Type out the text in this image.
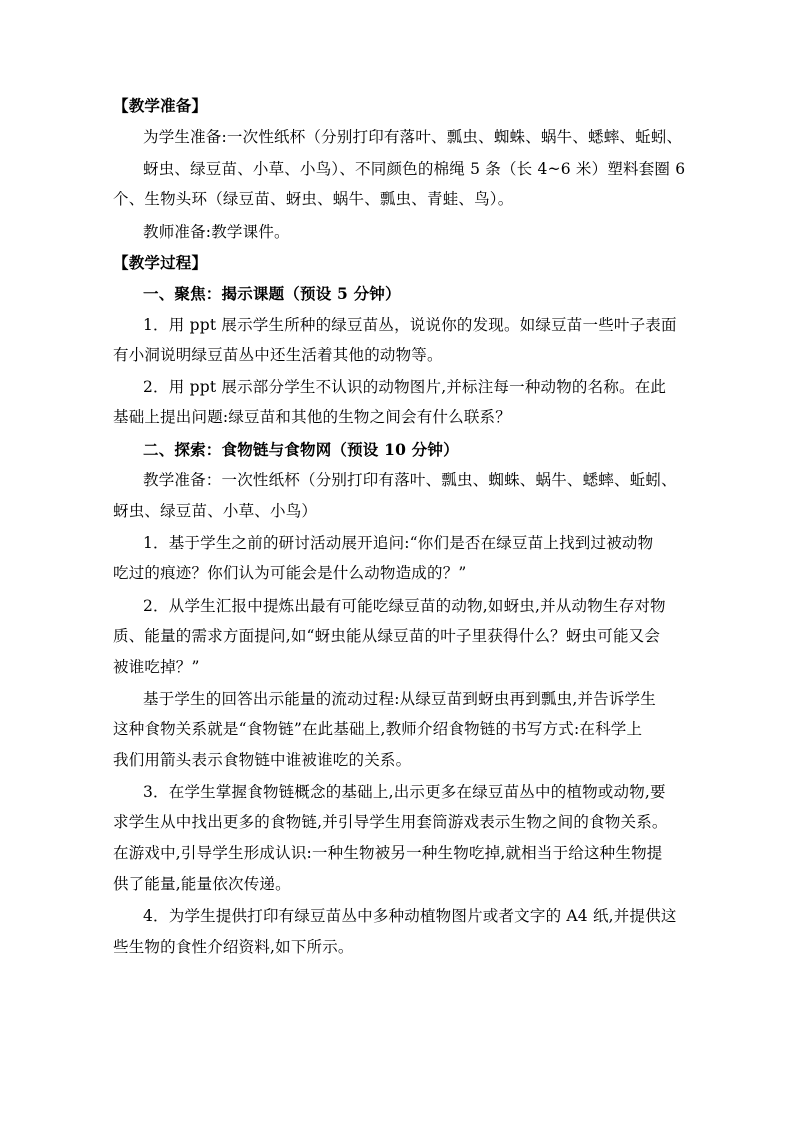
【教学准备】
为学生准备:一次性纸杯（分别打印有落叶、瓢虫、蜘蛛、蜗牛、蟋蟀、蚯蚓、
蚜虫、绿豆苗、小草、小鸟）、不同颜色的棉绳 5 条（长 4~6 米）塑料套圈 6
个、生物头环（绿豆苗、蚜虫、蜗牛、瓢虫、青蛙、鸟）。
教师准备:教学课件。
【教学过程】
一、聚焦：揭示课题（预设 5 分钟）
1．用 ppt 展示学生所种的绿豆苗丛，说说你的发现。如绿豆苗一些叶子表面
有小洞说明绿豆苗丛中还生活着其他的动物等。
2．用 ppt 展示部分学生不认识的动物图片,并标注每一种动物的名称。在此
基础上提出问题:绿豆苗和其他的生物之间会有什么联系？
二、探索：食物链与食物网（预设 10 分钟）
教学准备：一次性纸杯（分别打印有落叶、瓢虫、蜘蛛、蜗牛、蟋蟀、蚯蚓、
蚜虫、绿豆苗、小草、小鸟）
1．基于学生之前的研讨活动展开追问:“你们是否在绿豆苗上找到过被动物
吃过的痕迹？你们认为可能会是什么动物造成的？”
2．从学生汇报中提炼出最有可能吃绿豆苗的动物,如蚜虫,并从动物生存对物
质、能量的需求方面提问,如“蚜虫能从绿豆苗的叶子里获得什么？蚜虫可能又会
被谁吃掉？”
基于学生的回答出示能量的流动过程:从绿豆苗到蚜虫再到瓢虫,并告诉学生
这种食物关系就是“食物链”在此基础上,教师介绍食物链的书写方式:在科学上
我们用箭头表示食物链中谁被谁吃的关系。
3．在学生掌握食物链概念的基础上,出示更多在绿豆苗丛中的植物或动物,要
求学生从中找出更多的食物链,并引导学生用套筒游戏表示生物之间的食物关系。
在游戏中,引导学生形成认识:一种生物被另一种生物吃掉,就相当于给这种生物提
供了能量,能量依次传递。
4．为学生提供打印有绿豆苗丛中多种动植物图片或者文字的 A4 纸,并提供这
些生物的食性介绍资料,如下所示。
